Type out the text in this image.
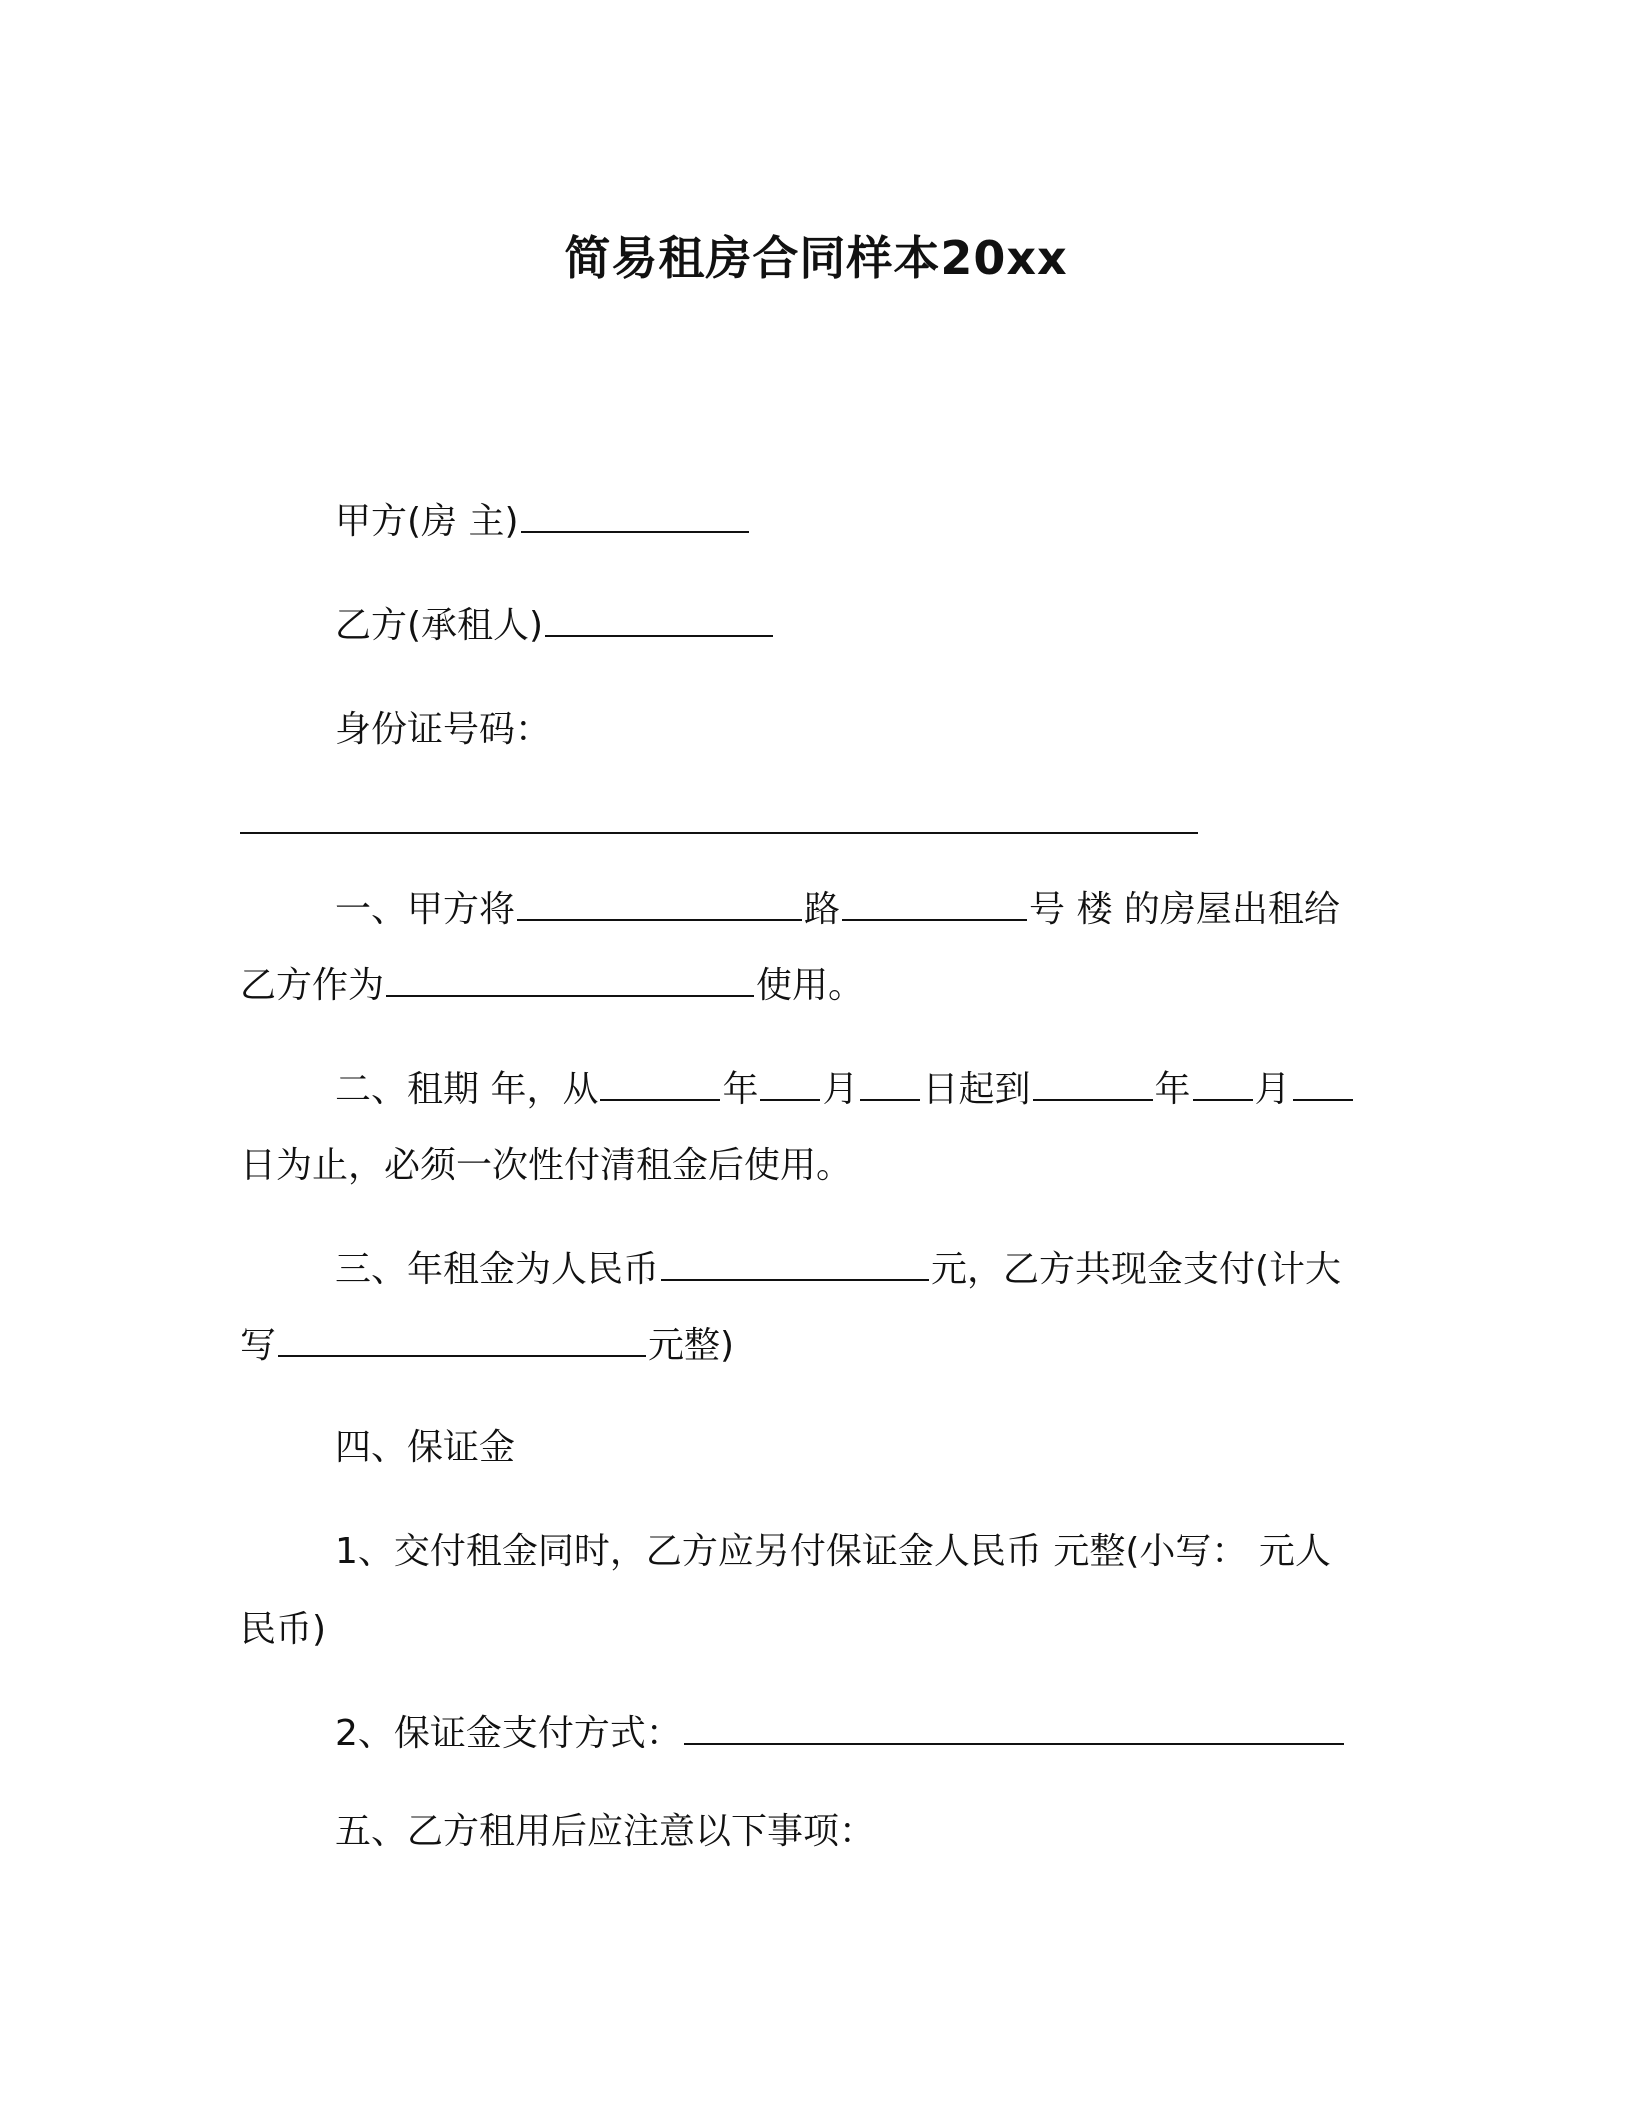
简易租房合同样本20xx
甲方(房 主)
乙方(承租人)
身份证号码：
一、甲方将	路	号 楼 的房屋出租给
乙方作为	使用。
二、租期 年，从	年 月 日起到	年 月
日为止，必须一次性付清租金后使用。
三、年租金为人民币	元，乙方共现金支付(计大
写	元整)
四、保证金
1、交付租金同时，乙方应另付保证金人民币 元整(小写： 元人
民币)
2、保证金支付方式：
五、乙方租用后应注意以下事项：
